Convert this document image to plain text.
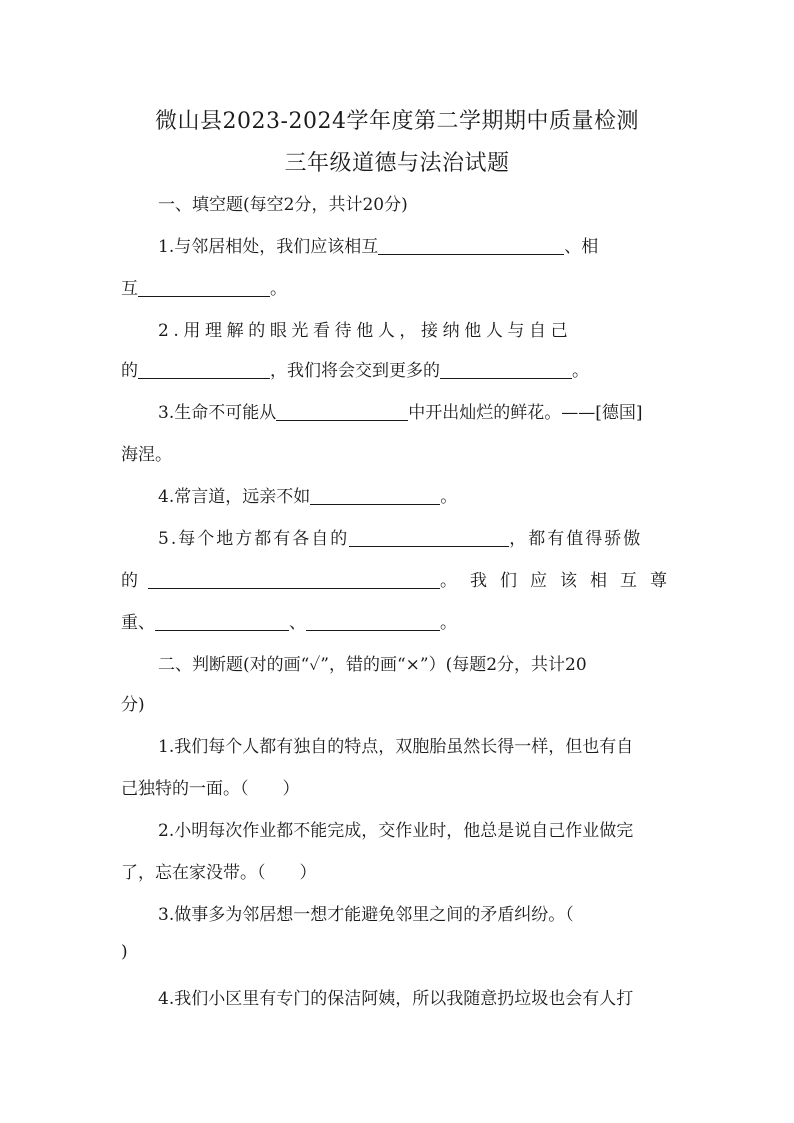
微山县2023-2024学年度第二学期期中质量检测
三年级道德与法治试题
一、填空题(每空2分，共计20分)
1.与邻居相处，我们应该相互	、相
互	。
2.用理解的眼光看待他人，接纳他人与自己
的	，我们将会交到更多的	。
3.生命不可能从	中开出灿烂的鲜花。——[德国]
海涅。
4.常言道，远亲不如	。
5.每个地方都有各自的	，都有值得骄傲
的	。我们应该相互尊
重、	、	。
二、判断题(对的画“✓”，错的画“×”）(每题2分，共计20
分)
1.我们每个人都有独自的特点，双胞胎虽然长得一样，但也有自
己独特的一面。（　　）
2.小明每次作业都不能完成，交作业时，他总是说自己作业做完
了，忘在家没带。（　　）
3.做事多为邻居想一想才能避免邻里之间的矛盾纠纷。（
)
4.我们小区里有专门的保洁阿姨，所以我随意扔垃圾也会有人打
